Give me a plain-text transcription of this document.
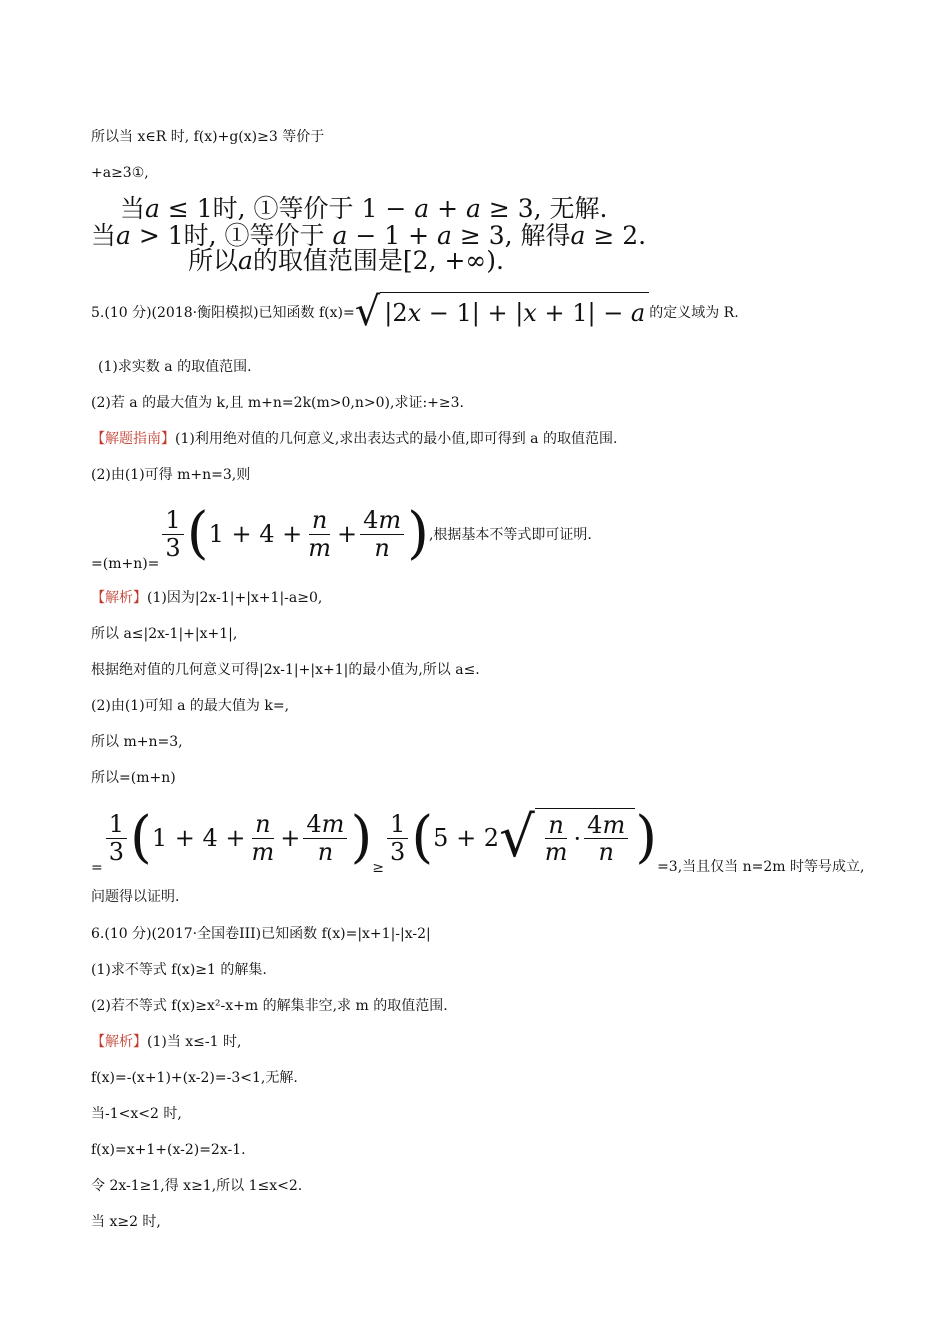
所以当 x∈R 时, f(x)+g(x)≥3 等价于
+a≥3①,
当𝑎 ≤ 1时, ①等价于 1 − 𝑎 + 𝑎 ≥ 3, 无解.
当𝑎 > 1时, ①等价于 𝑎 − 1 + 𝑎 ≥ 3, 解得𝑎 ≥ 2.
所以𝑎的取值范围是[2, +∞).
5.(10 分)(2018·衡阳模拟)已知函数 f(x)= √ |2𝑥 − 1| + |𝑥 + 1| − 𝑎 的定义域为 R.
(1)求实数 a 的取值范围.
(2)若 a 的最大值为 k,且 m+n=2k(m>0,n>0),求证:+≥3.
【解题指南】(1)利用绝对值的几何意义,求出表达式的最小值,即可得到 a 的取值范围.
(2)由(1)可得 m+n=3,则
=(m+n)=
$\frac{1}{3}$ ( $1 + 4 + \frac{\text{𝑛}}{\text{𝑚}} + \frac{\text{4𝑚}}{\text{𝑛}}$ ) ,根据基本不等式即可证明.
【解析】(1)因为|2x-1|+|x+1|-a≥0,
所以 a≤|2x-1|+|x+1|,
根据绝对值的几何意义可得|2x-1|+|x+1|的最小值为,所以 a≤.
(2)由(1)可知 a 的最大值为 k=,
所以 m+n=3,
所以=(m+n)
=
$\frac{1}{3}$ ( $1 + 4 + \frac{\text{𝑛}}{\text{𝑚}} + \frac{\text{4𝑚}}{\text{𝑛}}$ ) ≥
$\frac{1}{3}$ ( 5 + 2 √ $\frac{\text{𝑛}}{\text{𝑚}} \cdot \frac{\text{4𝑚}}{\text{𝑛}}$ ) =3,当且仅当 n=2m 时等号成立,
问题得以证明.
6.(10 分)(2017·全国卷III)已知函数 f(x)=|x+1|-|x-2|
(1)求不等式 f(x)≥1 的解集.
(2)若不等式 f(x)≥x²-x+m 的解集非空,求 m 的取值范围.
【解析】(1)当 x≤-1 时,
f(x)=-(x+1)+(x-2)=-3<1,无解.
当-1<x<2 时,
f(x)=x+1+(x-2)=2x-1.
令 2x-1≥1,得 x≥1,所以 1≤x<2.
当 x≥2 时,
